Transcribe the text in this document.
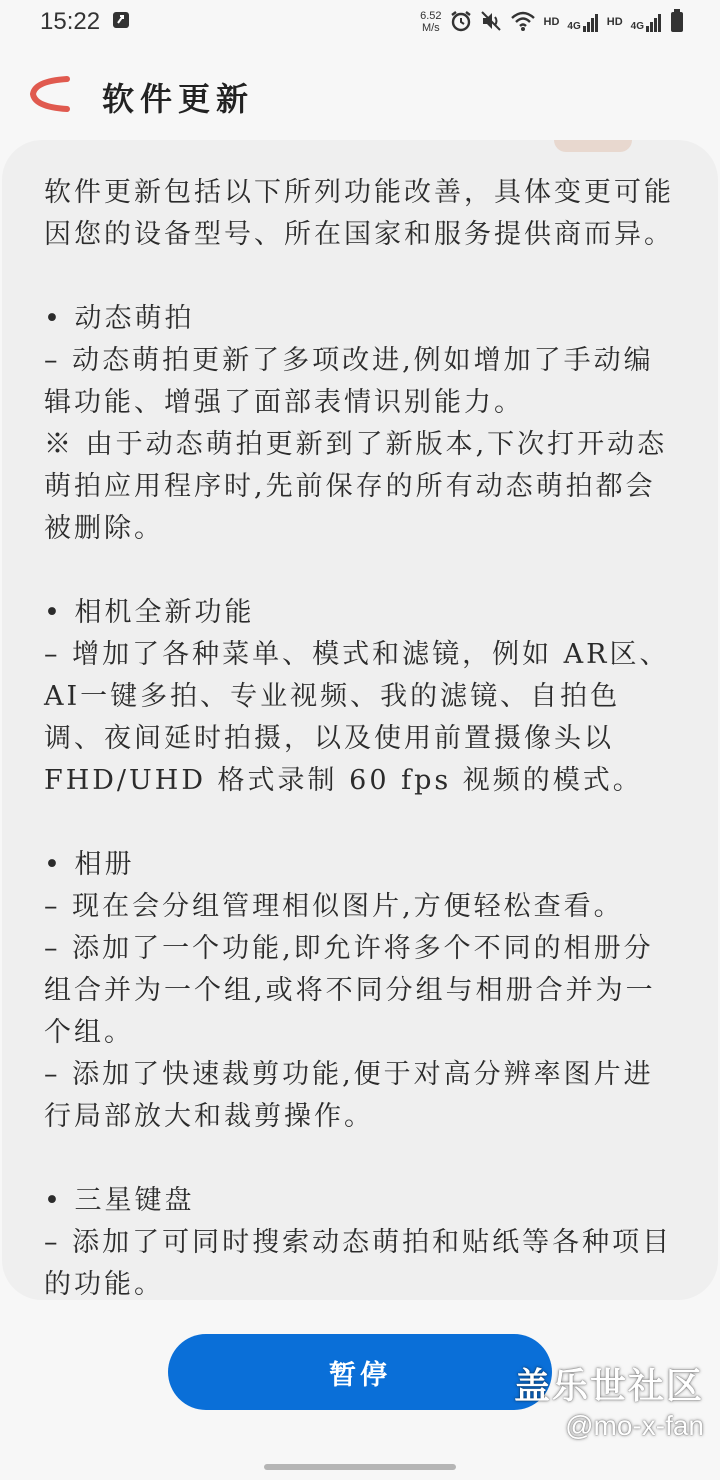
15:22	6.52
M/s	HD 4G HD 4G
软件更新

软件更新包括以下所列功能改善，具体变更可能因您的设备型号、所在国家和服务提供商而异。

• 动态萌拍

– 动态萌拍更新了多项改进,例如增加了手动编辑功能、增强了面部表情识别能力。

※ 由于动态萌拍更新到了新版本,下次打开动态萌拍应用程序时,先前保存的所有动态萌拍都会被删除。

• 相机全新功能

– 增加了各种菜单、模式和滤镜，例如 AR区、AI一键多拍、专业视频、我的滤镜、自拍色调、夜间延时拍摄，以及使用前置摄像头以 FHD/UHD 格式录制 60 fps 视频的模式。

• 相册

– 现在会分组管理相似图片,方便轻松查看。

– 添加了一个功能,即允许将多个不同的相册分组合并为一个组,或将不同分组与相册合并为一个组。

– 添加了快速裁剪功能,便于对高分辨率图片进行局部放大和裁剪操作。

• 三星键盘

– 添加了可同时搜索动态萌拍和贴纸等各种项目的功能。

暂停	盖乐世社区
@mo-x-fan
